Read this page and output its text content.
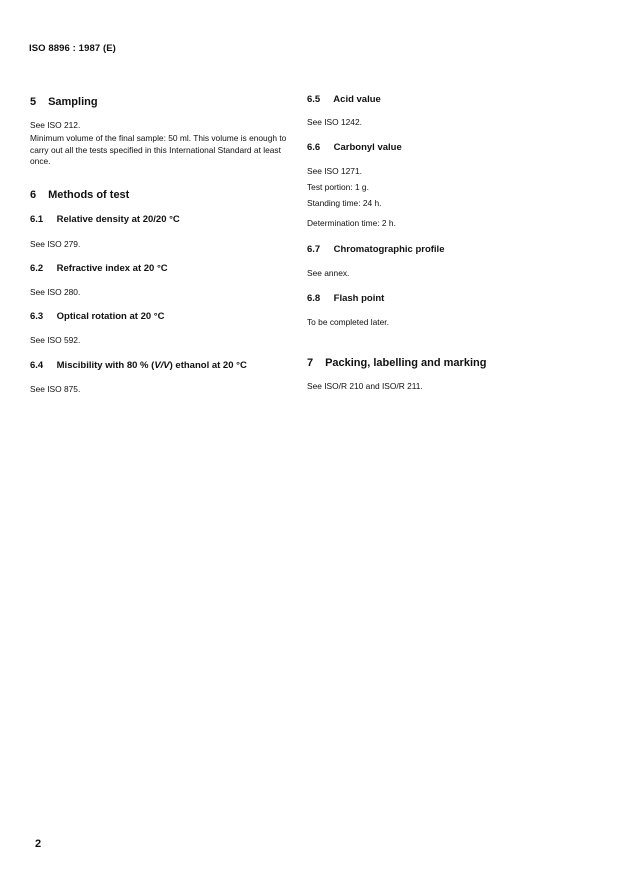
ISO 8896 : 1987 (E)
5 Sampling
See ISO 212.
Minimum volume of the final sample: 50 ml. This volume is enough to carry out all the tests specified in this International Standard at least once.
6 Methods of test
6.1 Relative density at 20/20 °C
See ISO 279.
6.2 Refractive index at 20 °C
See ISO 280.
6.3 Optical rotation at 20 °C
See ISO 592.
6.4 Miscibility with 80 % (V/V) ethanol at 20 °C
See ISO 875.
6.5 Acid value
See ISO 1242.
6.6 Carbonyl value
See ISO 1271.
Test portion: 1 g.
Standing time: 24 h.
Determination time: 2 h.
6.7 Chromatographic profile
See annex.
6.8 Flash point
To be completed later.
7 Packing, labelling and marking
See ISO/R 210 and ISO/R 211.
2
